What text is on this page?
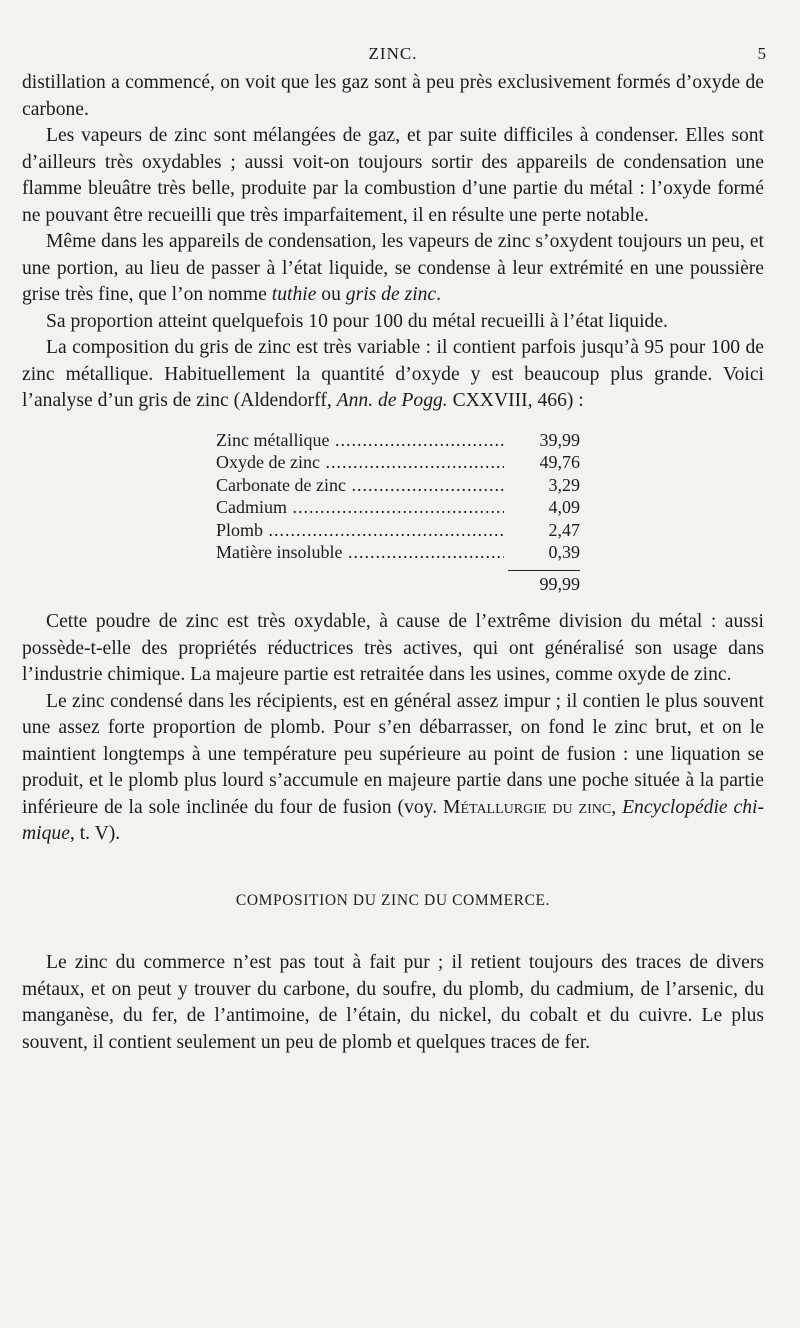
ZINC.	5

distillation a commencé, on voit que les gaz sont à peu près exclusivement formés d’oxyde de carbone.

Les vapeurs de zinc sont mélangées de gaz, et par suite difficiles à condenser. Elles sont d’ailleurs très oxydables ; aussi voit-on toujours sortir des appareils de condensation une flamme bleuâtre très belle, produite par la combustion d’une partie du métal : l’oxyde formé ne pouvant être recueilli que très imparfaitement, il en résulte une perte notable.

Même dans les appareils de condensation, les vapeurs de zinc s’oxydent toujours un peu, et une portion, au lieu de passer à l’état liquide, se condense à leur extrémité en une poussière grise très fine, que l’on nomme tuthie ou gris de zinc.

Sa proportion atteint quelquefois 10 pour 100 du métal recueilli à l’état liquide.

La composition du gris de zinc est très variable : il contient parfois jusqu’à 95 pour 100 de zinc métallique. Habituellement la quantité d’oxyde y est beaucoup plus grande. Voici l’analyse d’un gris de zinc (Aldendorff, Ann. de Pogg. CXXVIII, 466) :

Zinc métallique .....	39,99
Oxyde de zinc .....	49,76
Carbonate de zinc .....	3,29
Cadmium .....	4,09
Plomb .....	2,47
Matière insoluble .....	0,39
99,99

Cette poudre de zinc est très oxydable, à cause de l’extrême division du métal : aussi possède-t-elle des propriétés réductrices très actives, qui ont généralisé son usage dans l’industrie chimique. La majeure partie est retraitée dans les usines, comme oxyde de zinc.

Le zinc condensé dans les récipients, est en général assez impur ; il contien le plus souvent une assez forte proportion de plomb. Pour s’en débarrasser, on fond le zinc brut, et on le maintient longtemps à une température peu supérieure au point de fusion : une liquation se produit, et le plomb plus lourd s’accumule en majeure partie dans une poche située à la partie inférieure de la sole inclinée du four de fusion (voy. Métallurgie du zinc, Encyclopédie chimique, t. V).

COMPOSITION DU ZINC DU COMMERCE.

Le zinc du commerce n’est pas tout à fait pur ; il retient toujours des traces de divers métaux, et on peut y trouver du carbone, du soufre, du plomb, du cadmium, de l’arsenic, du manganèse, du fer, de l’antimoine, de l’étain, du nickel, du cobalt et du cuivre. Le plus souvent, il contient seulement un peu de plomb et quelques traces de fer.
